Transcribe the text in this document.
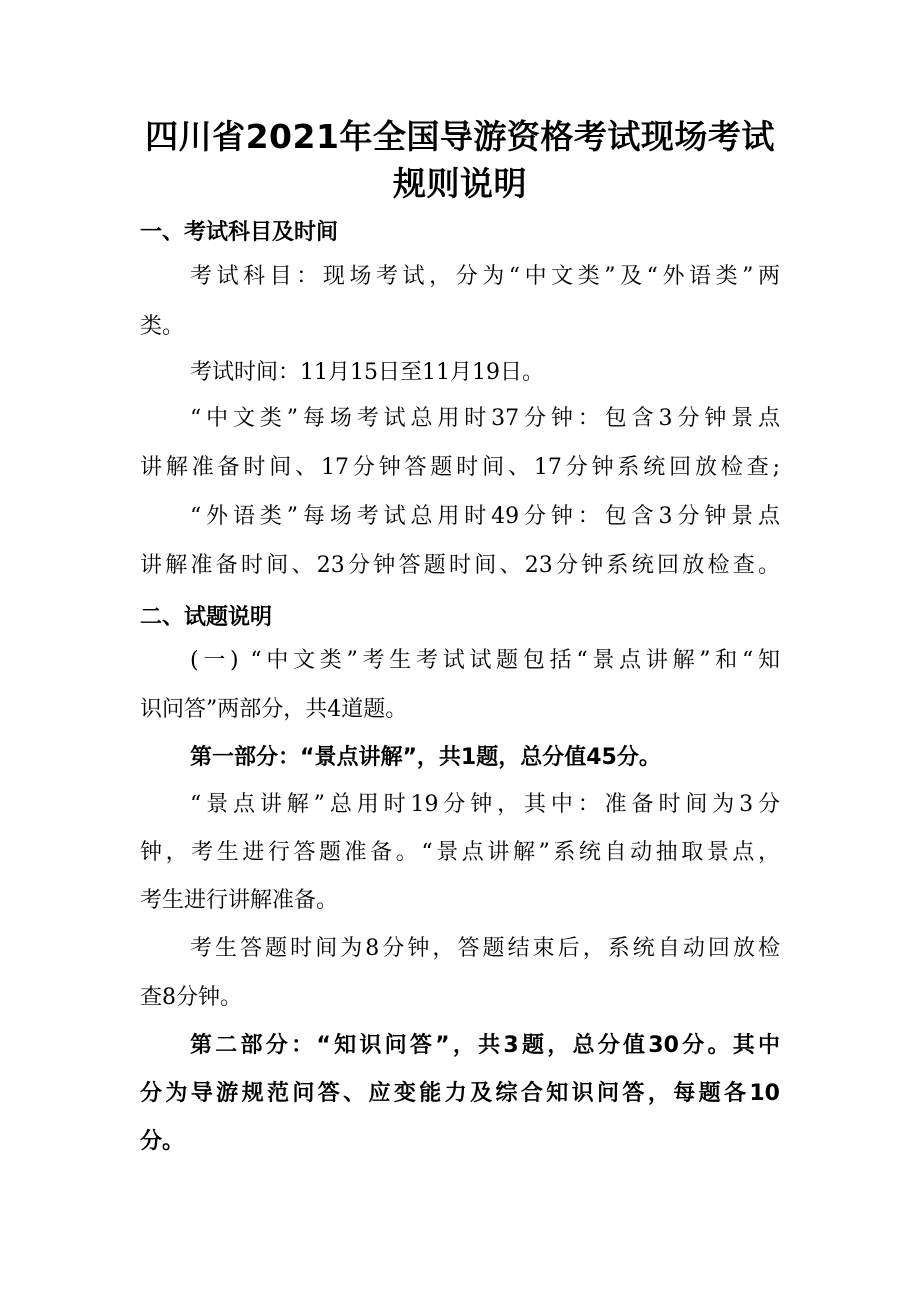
四川省2021年全国导游资格考试现场考试
规则说明
一、考试科目及时间
考试科目：现场考试，分为“中文类”及“外语类”两
类。
考试时间：11月15日至11月19日。
“中文类”每场考试总用时37分钟：包含3分钟景点
讲解准备时间、17分钟答题时间、17分钟系统回放检查;
“外语类”每场考试总用时49分钟：包含3分钟景点
讲解准备时间、23分钟答题时间、23分钟系统回放检查。
二、试题说明
(一) “中文类”考生考试试题包括“景点讲解”和“知
识问答”两部分，共4道题。
第一部分：“景点讲解”，共1题，总分值45分。
“景点讲解”总用时19分钟，其中：准备时间为3分
钟，考生进行答题准备。“景点讲解”系统自动抽取景点，
考生进行讲解准备。
考生答题时间为8分钟，答题结束后，系统自动回放检
查8分钟。
第二部分：“知识问答”，共3题，总分值30分。其中
分为导游规范问答、应变能力及综合知识问答，每题各10
分。
